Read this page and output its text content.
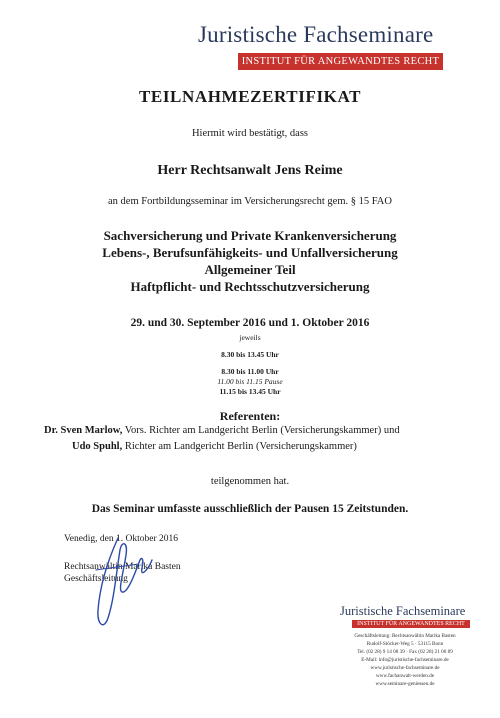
Juristische Fachseminare
INSTITUT FÜR ANGEWANDTES RECHT
TEILNAHMEZERTIFIKAT
Hiermit wird bestätigt, dass
Herr Rechtsanwalt Jens Reime
an dem Fortbildungsseminar im Versicherungsrecht gem. § 15 FAO
Sachversicherung und Private Krankenversicherung
Lebens-, Berufsunfähigkeits- und Unfallversicherung
Allgemeiner Teil
Haftpflicht- und Rechtsschutzversicherung
29. und 30. September 2016 und 1. Oktober 2016
jeweils
8.30 bis 13.45 Uhr
8.30 bis 11.00 Uhr
11.00 bis 11.15 Pause
11.15 bis 13.45 Uhr
Referenten:
Dr. Sven Marlow, Vors. Richter am Landgericht Berlin (Versicherungskammer) und
Udo Spuhl, Richter am Landgericht Berlin (Versicherungskammer)
teilgenommen hat.
Das Seminar umfasste ausschließlich der Pausen 15 Zeitstunden.
Venedig, den 1. Oktober 2016
Rechtsanwältin Marika Basten
Geschäftsleitung
Juristische Fachseminare
INSTITUT FÜR ANGEWANDTES RECHT
Geschäftsleitung: Rechtsanwältin Marika Basten
Rudolf-Stöcker-Weg 5 · 53115 Bonn
Tel. (02 28) 9 14 08 39 · Fax (02 28) 21 00 89
E-Mail: info@juristische-fachseminare.de
www.juristische-fachseminare.de
www.fachanwalt-werden.de
www.seminare-geniessen.de
